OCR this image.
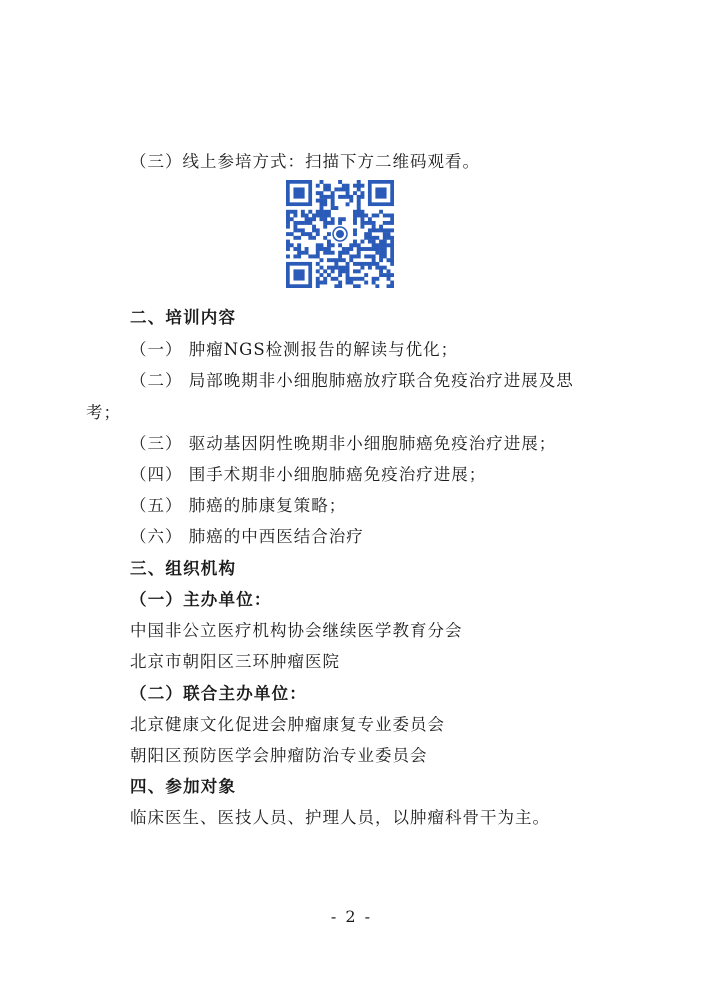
（三）线上参培方式：扫描下方二维码观看。
二、培训内容
（一） 肿瘤NGS检测报告的解读与优化；
（二） 局部晚期非小细胞肺癌放疗联合免疫治疗进展及思
考；
（三） 驱动基因阴性晚期非小细胞肺癌免疫治疗进展；
（四） 围手术期非小细胞肺癌免疫治疗进展；
（五） 肺癌的肺康复策略；
（六） 肺癌的中西医结合治疗
三、组织机构
（一）主办单位：
中国非公立医疗机构协会继续医学教育分会
北京市朝阳区三环肿瘤医院
（二）联合主办单位：
北京健康文化促进会肿瘤康复专业委员会
朝阳区预防医学会肿瘤防治专业委员会
四、参加对象
临床医生、医技人员、护理人员，以肿瘤科骨干为主。
- 2 -
